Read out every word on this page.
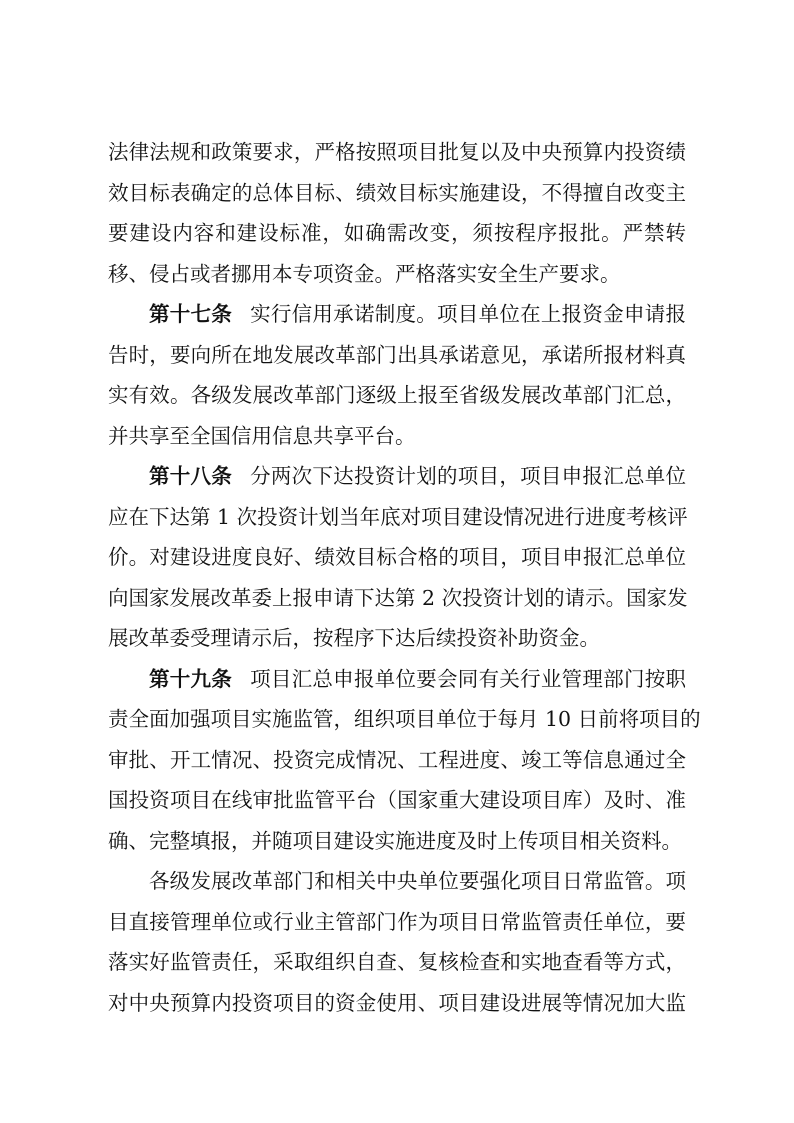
法律法规和政策要求，严格按照项目批复以及中央预算内投资绩
效目标表确定的总体目标、绩效目标实施建设，不得擅自改变主
要建设内容和建设标准，如确需改变，须按程序报批。严禁转
移、侵占或者挪用本专项资金。严格落实安全生产要求。
第十七条 实行信用承诺制度。项目单位在上报资金申请报
告时，要向所在地发展改革部门出具承诺意见，承诺所报材料真
实有效。各级发展改革部门逐级上报至省级发展改革部门汇总，
并共享至全国信用信息共享平台。
第十八条 分两次下达投资计划的项目，项目申报汇总单位
应在下达第 1 次投资计划当年底对项目建设情况进行进度考核评
价。对建设进度良好、绩效目标合格的项目，项目申报汇总单位
向国家发展改革委上报申请下达第 2 次投资计划的请示。国家发
展改革委受理请示后，按程序下达后续投资补助资金。
第十九条 项目汇总申报单位要会同有关行业管理部门按职
责全面加强项目实施监管，组织项目单位于每月 10 日前将项目的
审批、开工情况、投资完成情况、工程进度、竣工等信息通过全
国投资项目在线审批监管平台（国家重大建设项目库）及时、准
确、完整填报，并随项目建设实施进度及时上传项目相关资料。
各级发展改革部门和相关中央单位要强化项目日常监管。项
目直接管理单位或行业主管部门作为项目日常监管责任单位，要
落实好监管责任，采取组织自查、复核检查和实地查看等方式，
对中央预算内投资项目的资金使用、项目建设进展等情况加大监
